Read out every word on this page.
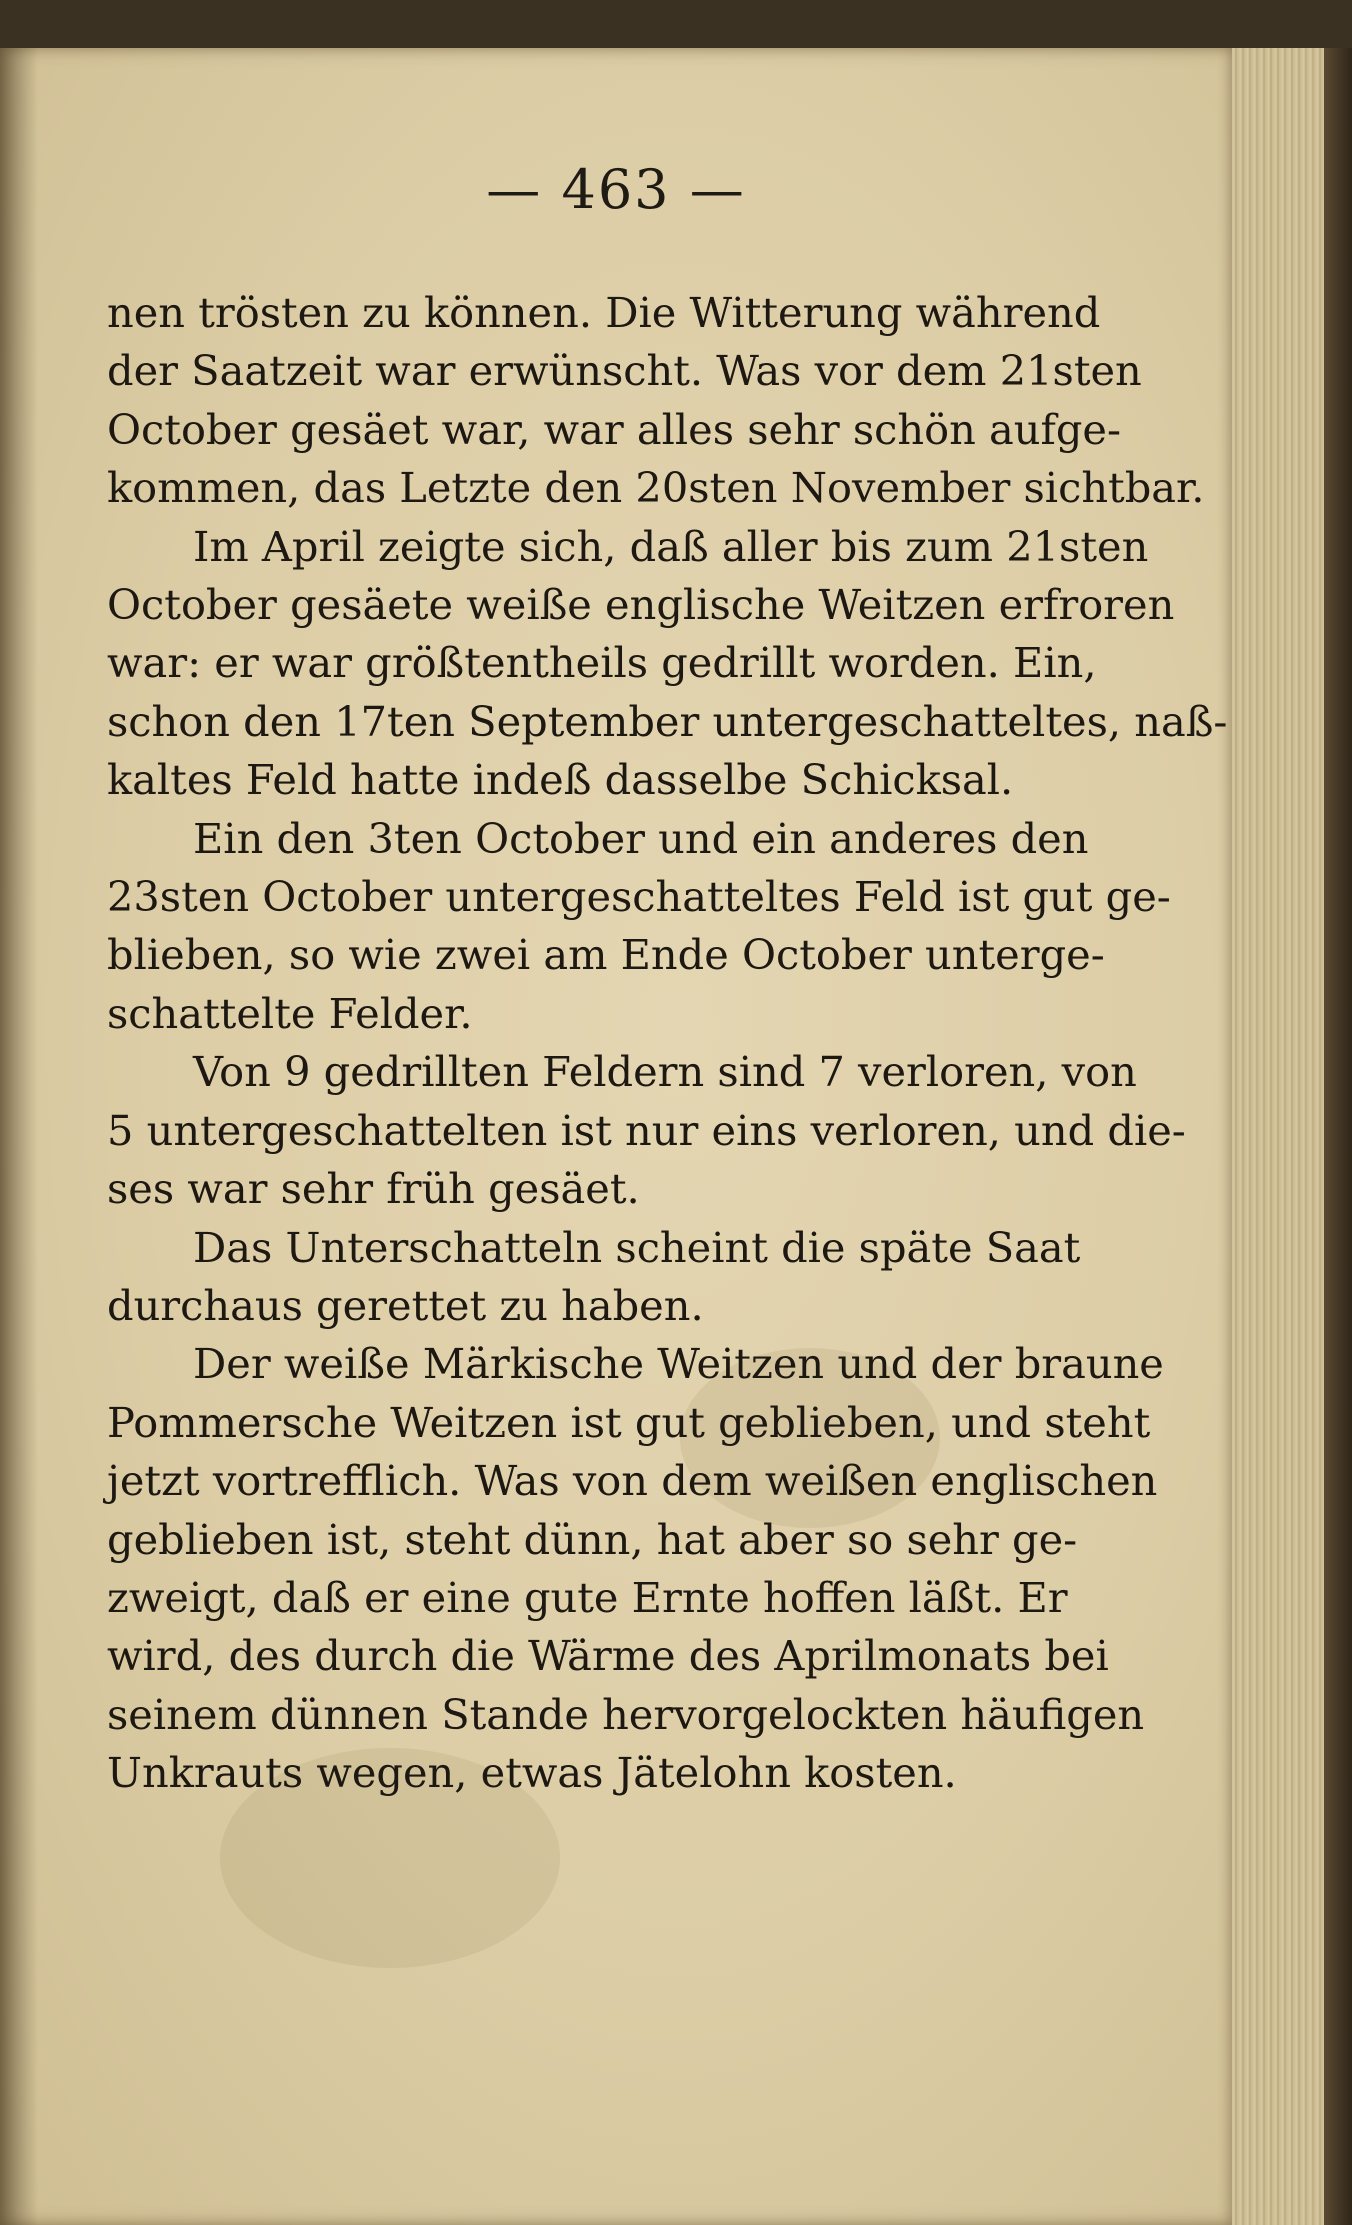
— 463 —
nen trösten zu können. Die Witterung während
der Saatzeit war erwünscht. Was vor dem 21sten
October gesäet war, war alles sehr schön aufge-
kommen, das Letzte den 20sten November sichtbar.
Im April zeigte sich, daß aller bis zum 21sten
October gesäete weiße englische Weitzen erfroren
war: er war größtentheils gedrillt worden. Ein,
schon den 17ten September untergeschatteltes, naß-
kaltes Feld hatte indeß dasselbe Schicksal.
Ein den 3ten October und ein anderes den
23sten October untergeschatteltes Feld ist gut ge-
blieben, so wie zwei am Ende October unterge-
schattelte Felder.
Von 9 gedrillten Feldern sind 7 verloren, von
5 untergeschattelten ist nur eins verloren, und die-
ses war sehr früh gesäet.
Das Unterschatteln scheint die späte Saat
durchaus gerettet zu haben.
Der weiße Märkische Weitzen und der braune
Pommersche Weitzen ist gut geblieben, und steht
jetzt vortrefflich. Was von dem weißen englischen
geblieben ist, steht dünn, hat aber so sehr ge-
zweigt, daß er eine gute Ernte hoffen läßt. Er
wird, des durch die Wärme des Aprilmonats bei
seinem dünnen Stande hervorgelockten häufigen
Unkrauts wegen, etwas Jätelohn kosten.
